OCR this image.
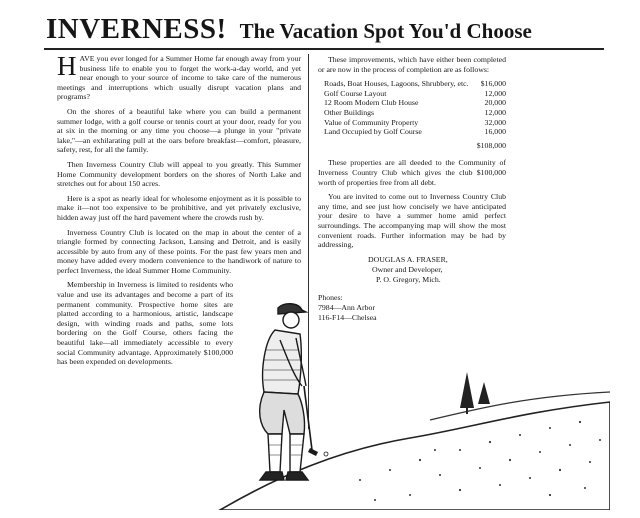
INVERNESS! The Vacation Spot You'd Choose

HAVE you ever longed for a Summer Home far enough away from your business life to enable you to forget the work-a-day world, and yet near enough to your source of income to take care of the numerous meetings and interruptions which usually disrupt vacation plans and programs?

On the shores of a beautiful lake where you can build a permanent summer lodge, with a golf course or tennis court at your door, ready for you at six in the morning or any time you choose—a plunge in your "private lake,"—an exhilarating pull at the oars before breakfast—comfort, pleasure, safety, rest, for all the family.

Then Inverness Country Club will appeal to you greatly. This Summer Home Community development borders on the shores of North Lake and stretches out for about 150 acres.

Here is a spot as nearly ideal for wholesome enjoyment as it is possible to make it—not too expensive to be prohibitive, and yet privately exclusive, hidden away just off the hard pavement where the crowds rush by.

Inverness Country Club is located on the map in about the center of a triangle formed by connecting Jackson, Lansing and Detroit, and is easily accessible by auto from any of these points. For the past few years men and money have added every modern convenience to the handiwork of nature to perfect Inverness, the ideal Summer Home Community.

Membership in Inverness is limited to residents who value and use its advantages and become a part of its permanent community. Prospective home sites are platted according to a harmonious, artistic, landscape design, with winding roads and paths, some lots bordering on the Golf Course, others facing the beautiful lake—all immediately accessible to every social Community advantage. Approximately $100,000 has been expended on developments.

These improvements, which have either been completed or are now in the process of completion are as follows:

Roads, Boat Houses, Lagoons, Shrubbery, etc.	$16,000
Golf Course Layout	12,000
12 Room Modern Club House	20,000
Other Buildings	12,000
Value of Community Property	32,000
Land Occupied by Golf Course	16,000
$108,000

These properties are all deeded to the Community of Inverness Country Club which gives the club $100,000 worth of properties free from all debt.

You are invited to come out to Inverness Country Club any time, and see just how concisely we have anticipated your desire to have a summer home amid perfect surroundings. The accompanying map will show the most convenient roads. Further information may be had by addressing,

DOUGLAS A. FRASER,
Owner and Developer,
P. O. Gregory, Mich.
Phones:
7984—Ann Arbor
116-F14—Chelsea
